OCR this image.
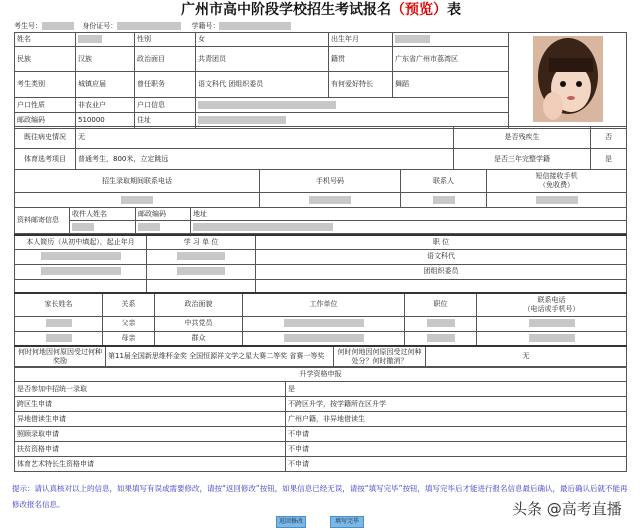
广州市高中阶段学校招生考试报名（预览）表
考生号：	身份证号：	学籍号：
姓名		性别	女	出生年月		
民族	汉族	政治面目	共青团员	籍贯	广东省广州市荔湾区	
考生类别	城镇应届	曾任职务	语文科代 团组织委员	有何爱好特长	舞蹈	
户口性质	非农业户	户口信息				
邮政编码	510000	住址				
既往病史情况	无	是否残疾生	否
体育选考项目	普通考生，800米，立定跳远	是否三年完整学籍	是
招生录取期间联系电话	手机号码	联系人	短信接收手机
（免收费）

资料邮寄信息	收件人姓名	邮政编码	地址

本人简历（从初中填起），起止年月	学 习 单 位	职 位
		语文科代
		团组织委员

家长姓名	关系	政治面貌	工作单位	职位	联系电话
（电话或手机号）

	父亲	中共党员			
	母亲	群众			
何时何地因何原因受过何种奖励	第11届全国新思维杯金奖 全国恒源祥文学之星大赛二等奖 省赛一等奖	何时何地因何原因受过何种处分？何时撤消？	无
升学资格申报	
是否参加中招统一录取	是
跨区生申请	不跨区升学，按学籍所在区升学
异地借读生申请	广州户籍，非异地借读生
照顾录取申请	不申请
扶贫资格申请	不申请
体育艺术特长生资格申请	不申请
提示：请认真核对以上的信息，如果填写有误或需要修改，请按“返回修改”按钮，如果信息已经无误，请按“填写完毕”按钮，填写完毕后才能进行报名信息最后确认，最后确认后就不能再修改报名信息。	头条 @高考直播
返回修改	填写完毕
